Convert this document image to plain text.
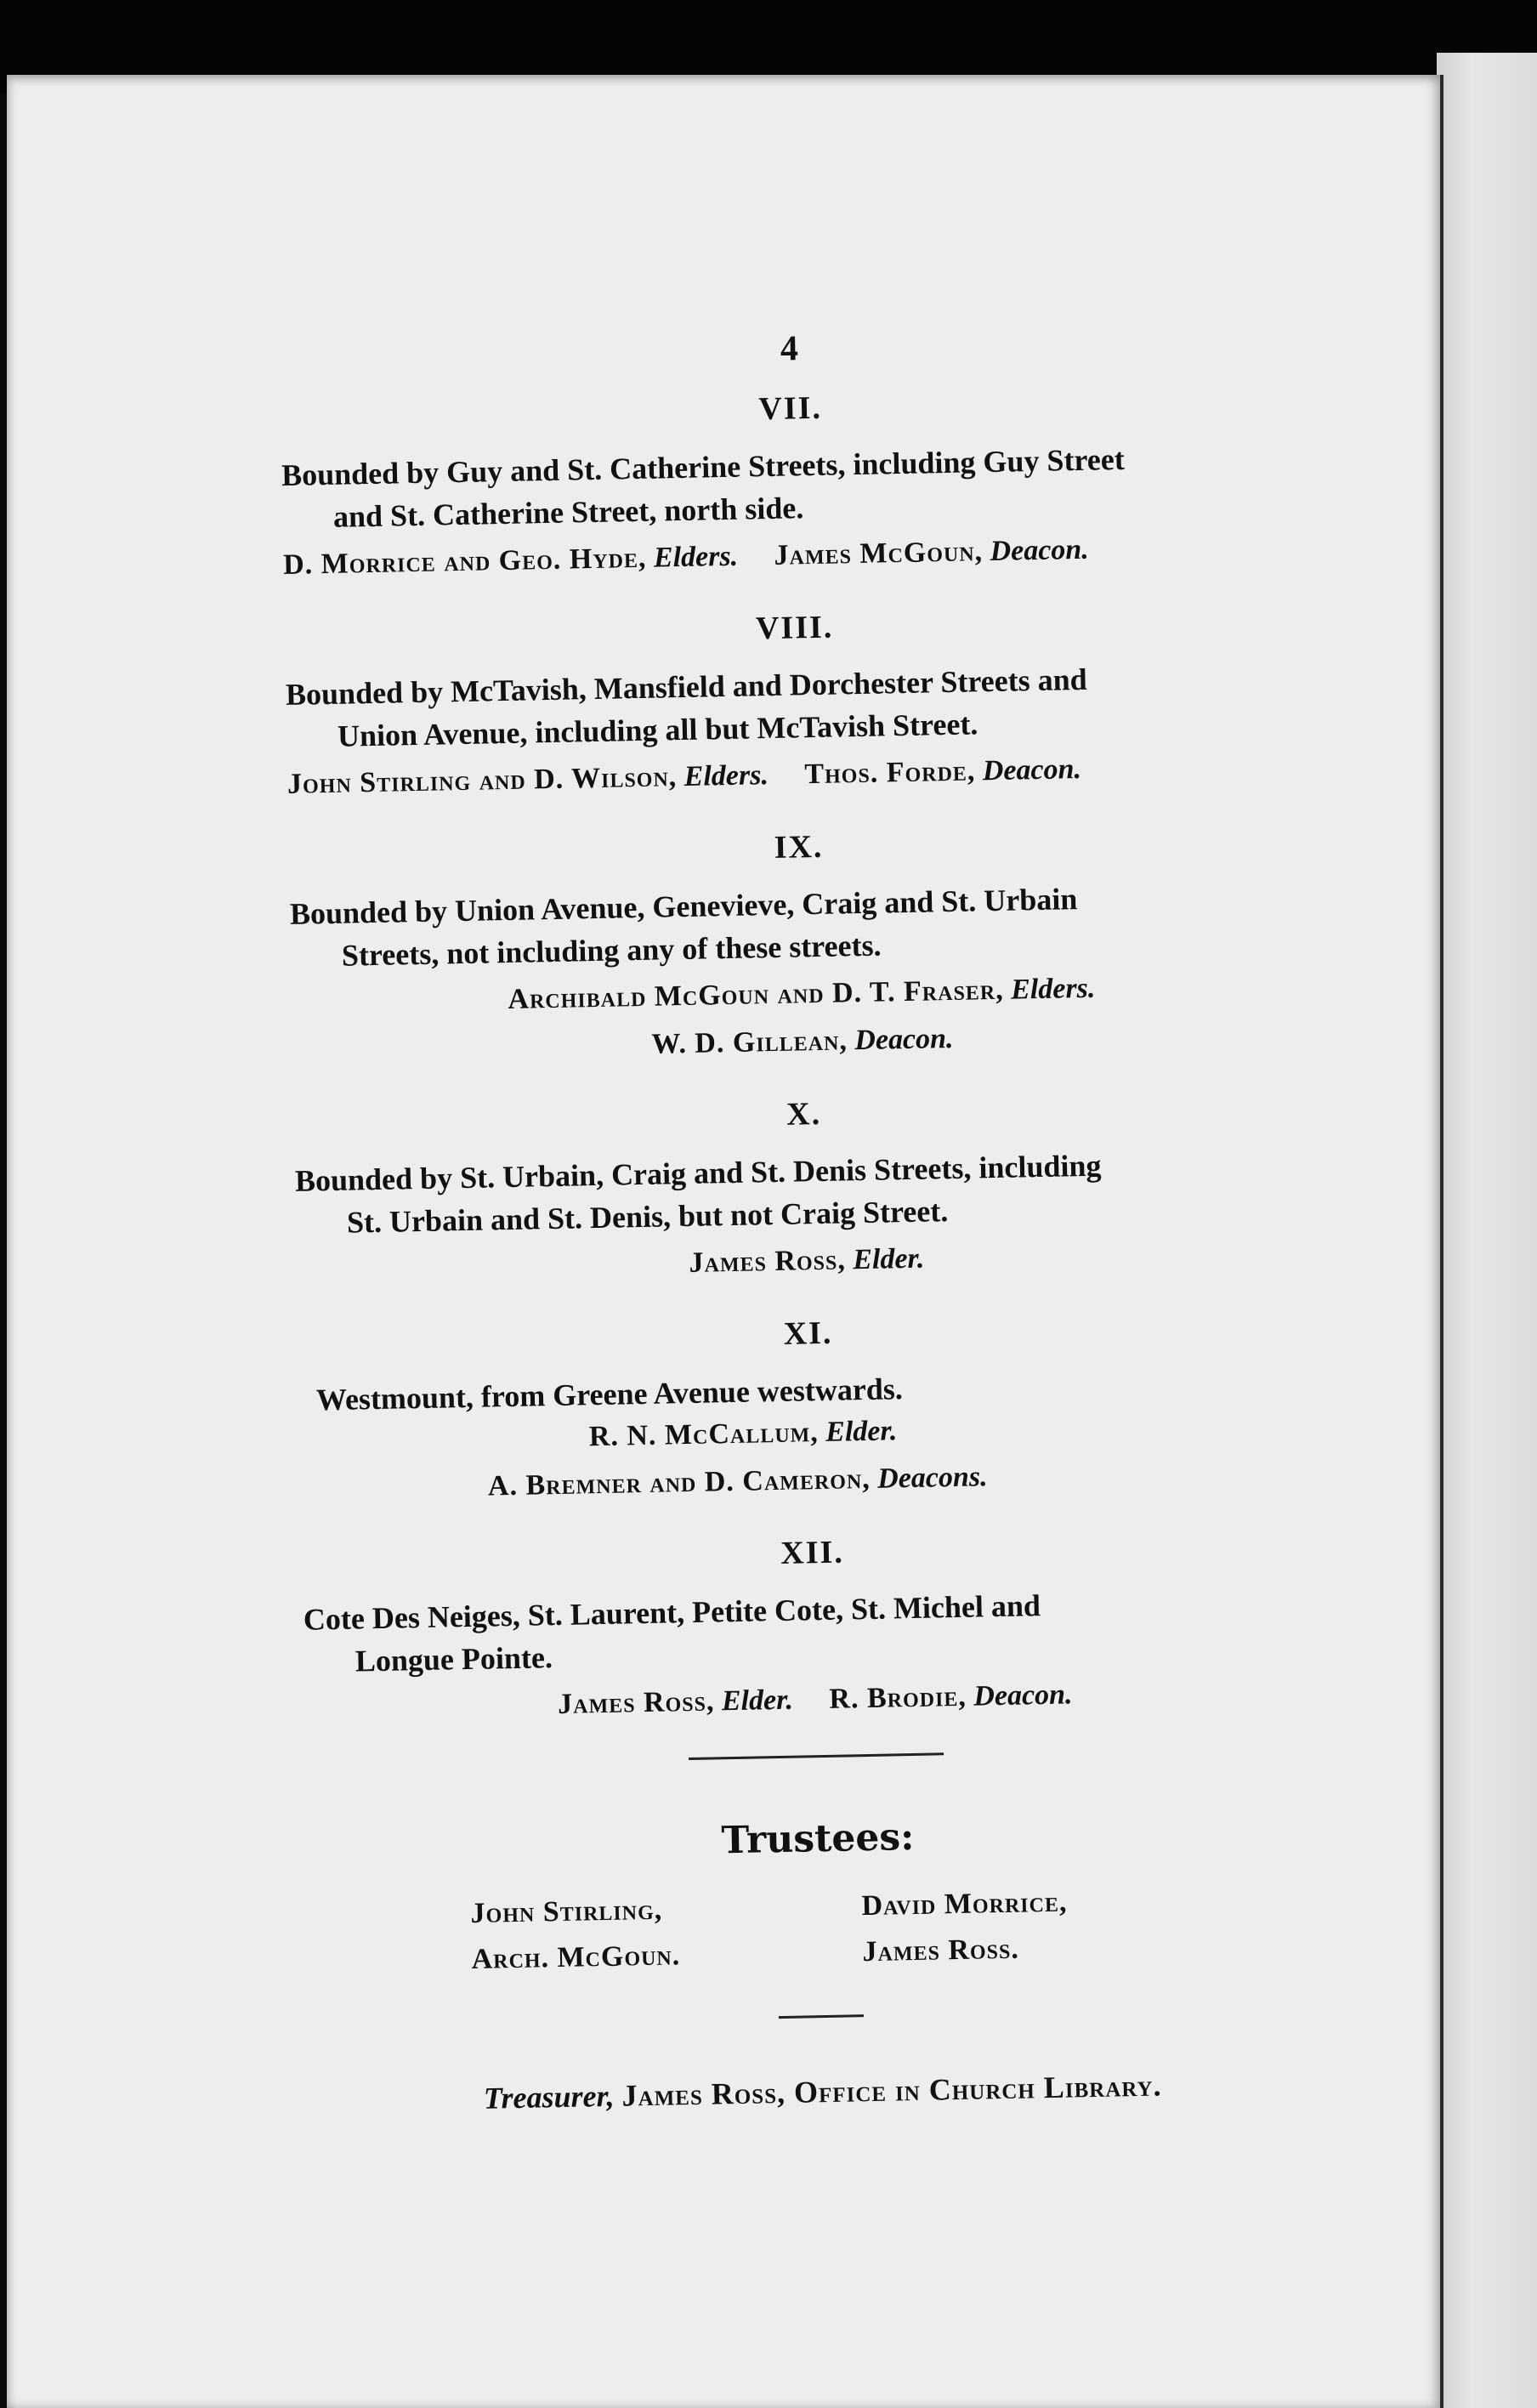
4
VII.

Bounded by Guy and St. Catherine Streets, including Guy Street
and St. Catherine Street, north side.

D. Morrice and Geo. Hyde, Elders. James McGoun, Deacon.
VIII.

Bounded by McTavish, Mansfield and Dorchester Streets and
Union Avenue, including all but McTavish Street.

John Stirling and D. Wilson, Elders. Thos. Forde, Deacon.
IX.

Bounded by Union Avenue, Genevieve, Craig and St. Urbain
Streets, not including any of these streets.

Archibald McGoun and D. T. Fraser, Elders.
W. D. Gillean, Deacon.
X.

Bounded by St. Urbain, Craig and St. Denis Streets, including
St. Urbain and St. Denis, but not Craig Street.

James Ross, Elder.
XI.

Westmount, from Greene Avenue westwards.

R. N. McCallum, Elder.
A. Bremner and D. Cameron, Deacons.
XII.

Cote Des Neiges, St. Laurent, Petite Cote, St. Michel and
Longue Pointe.

James Ross, Elder. R. Brodie, Deacon.
Trustees:
John Stirling,	David Morrice,
Arch. McGoun.	James Ross.
Treasurer, James Ross, Office in Church Library.
